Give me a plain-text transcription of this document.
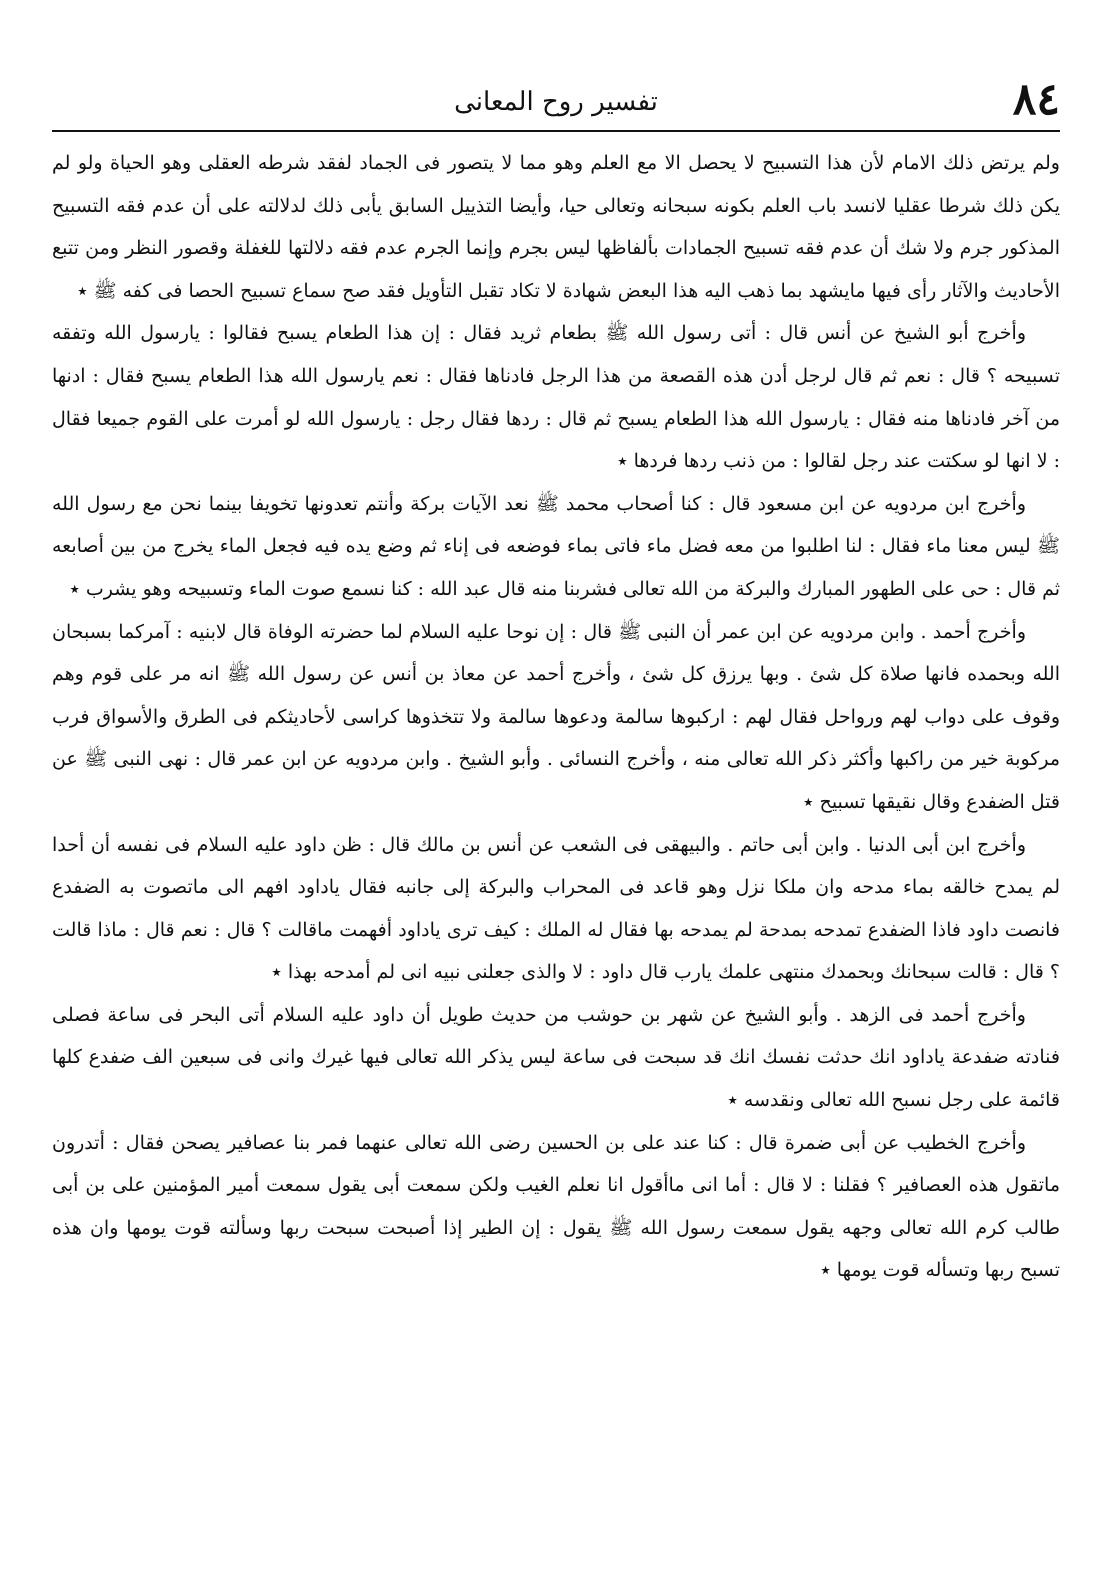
٨٤
تفسير روح المعانى

ولم يرتض ذلك الامام لأن هذا التسبيح لا يحصل الا مع العلم وهو مما لا يتصور فى الجماد لفقد شرطه العقلى وهو الحياة ولو لم يكن ذلك شرطا عقليا لانسد باب العلم بكونه سبحانه وتعالى حيا، وأيضا التذييل السابق يأبى ذلك لدلالته على أن عدم فقه التسبيح المذكور جرم ولا شك أن عدم فقه تسبيح الجمادات بألفاظها ليس بجرم وإنما الجرم عدم فقه دلالتها للغفلة وقصور النظر ومن تتبع الأحاديث والآثار رأى فيها مايشهد بما ذهب اليه هذا البعض شهادة لا تكاد تقبل التأويل فقد صح سماع تسبيح الحصا فى كفه ﷺ ٭

وأخرج أبو الشيخ عن أنس قال : أتى رسول الله ﷺ بطعام ثريد فقال : إن هذا الطعام يسبح فقالوا : يارسول الله وتفقه تسبيحه ؟ قال : نعم ثم قال لرجل أدن هذه القصعة من هذا الرجل فادناها فقال : نعم يارسول الله هذا الطعام يسبح فقال : ادنها من آخر فادناها منه فقال : يارسول الله هذا الطعام يسبح ثم قال : ردها فقال رجل : يارسول الله لو أمرت على القوم جميعا فقال : لا انها لو سكتت عند رجل لقالوا : من ذنب ردها فردها ٭

وأخرج ابن مردويه عن ابن مسعود قال : كنا أصحاب محمد ﷺ نعد الآيات بركة وأنتم تعدونها تخويفا بينما نحن مع رسول الله ﷺ ليس معنا ماء فقال : لنا اطلبوا من معه فضل ماء فاتى بماء فوضعه فى إناء ثم وضع يده فيه فجعل الماء يخرج من بين أصابعه ثم قال : حى على الطهور المبارك والبركة من الله تعالى فشربنا منه قال عبد الله : كنا نسمع صوت الماء وتسبيحه وهو يشرب ٭

وأخرج أحمد . وابن مردويه عن ابن عمر أن النبى ﷺ قال : إن نوحا عليه السلام لما حضرته الوفاة قال لابنيه : آمركما بسبحان الله وبحمده فانها صلاة كل شئ . وبها يرزق كل شئ ، وأخرج أحمد عن معاذ بن أنس عن رسول الله ﷺ انه مر على قوم وهم وقوف على دواب لهم ورواحل فقال لهم : اركبوها سالمة ودعوها سالمة ولا تتخذوها كراسى لأحاديثكم فى الطرق والأسواق فرب مركوبة خير من راكبها وأكثر ذكر الله تعالى منه ، وأخرج النسائى . وأبو الشيخ . وابن مردويه عن ابن عمر قال : نهى النبى ﷺ عن قتل الضفدع وقال نقيقها تسبيح ٭

وأخرج ابن أبى الدنيا . وابن أبى حاتم . والبيهقى فى الشعب عن أنس بن مالك قال : ظن داود عليه السلام فى نفسه أن أحدا لم يمدح خالقه بماء مدحه وان ملكا نزل وهو قاعد فى المحراب والبركة إلى جانبه فقال ياداود افهم الى ماتصوت به الضفدع فانصت داود فاذا الضفدع تمدحه بمدحة لم يمدحه بها فقال له الملك : كيف ترى ياداود أفهمت ماقالت ؟ قال : نعم قال : ماذا قالت ؟ قال : قالت سبحانك وبحمدك منتهى علمك يارب قال داود : لا والذى جعلنى نبيه انى لم أمدحه بهذا ٭

وأخرج أحمد فى الزهد . وأبو الشيخ عن شهر بن حوشب من حديث طويل أن داود عليه السلام أتى البحر فى ساعة فصلى فنادته ضفدعة ياداود انك حدثت نفسك انك قد سبحت فى ساعة ليس يذكر الله تعالى فيها غيرك وانى فى سبعين الف ضفدع كلها قائمة على رجل نسبح الله تعالى ونقدسه ٭

وأخرج الخطيب عن أبى ضمرة قال : كنا عند على بن الحسين رضى الله تعالى عنهما فمر بنا عصافير يصحن فقال : أتدرون ماتقول هذه العصافير ؟ فقلنا : لا قال : أما انى ماأقول انا نعلم الغيب ولكن سمعت أبى يقول سمعت أمير المؤمنين على بن أبى طالب كرم الله تعالى وجهه يقول سمعت رسول الله ﷺ يقول : إن الطير إذا أصبحت سبحت ربها وسألته قوت يومها وان هذه تسبح ربها وتسأله قوت يومها ٭
